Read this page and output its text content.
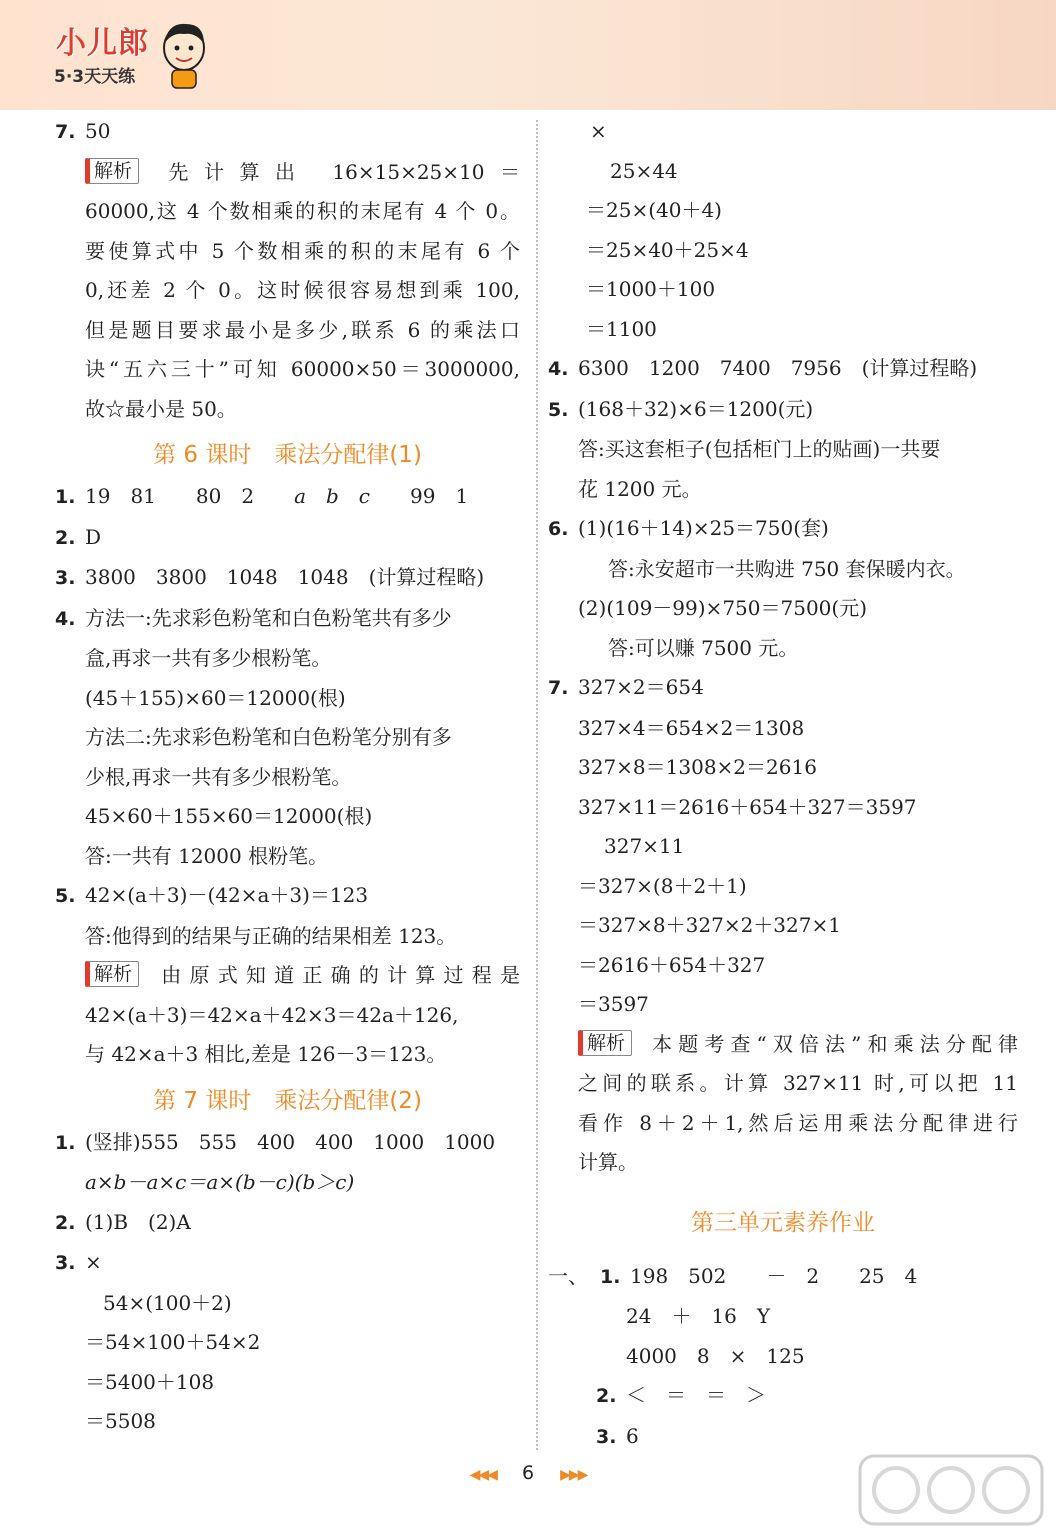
小儿郎
5·3天天练
7. 50
解析 先计算出 16×15×25×10＝
60000,这 4 个数相乘的积的末尾有 4 个 0。
要使算式中 5 个数相乘的积的末尾有 6 个
0,还差 2 个 0。这时候很容易想到乘 100,
但是题目要求最小是多少,联系 6 的乘法口
诀“五六三十”可知 60000×50＝3000000,
故☆最小是 50。
第 6 课时　乘法分配律(1)
1. 19　81　　80　2　　a　b　c　　99　1
2. D
3. 3800　3800　1048　1048　(计算过程略)
4. 方法一:先求彩色粉笔和白色粉笔共有多少
盒,再求一共有多少根粉笔。
(45＋155)×60＝12000(根)
方法二:先求彩色粉笔和白色粉笔分别有多
少根,再求一共有多少根粉笔。
45×60＋155×60＝12000(根)
答:一共有 12000 根粉笔。
5. 42×(a＋3)－(42×a＋3)＝123
答:他得到的结果与正确的结果相差 123。
解析 由原式知道正确的计算过程是
42×(a＋3)＝42×a＋42×3＝42a＋126,
与 42×a＋3 相比,差是 126－3＝123。
第 7 课时　乘法分配律(2)
1. (竖排)555　555　400　400　1000　1000
a×b－a×c＝a×(b－c)(b＞c)
2. (1)B　(2)A
3. ×
54×(100＋2)
＝54×100＋54×2
＝5400＋108
＝5508
×
25×44
＝25×(40＋4)
＝25×40＋25×4
＝1000＋100
＝1100
4. 6300　1200　7400　7956　(计算过程略)
5. (168＋32)×6＝1200(元)
答:买这套柜子(包括柜门上的贴画)一共要
花 1200 元。
6. (1)(16＋14)×25＝750(套)
答:永安超市一共购进 750 套保暖内衣。
(2)(109－99)×750＝7500(元)
答:可以赚 7500 元。
7. 327×2＝654
327×4＝654×2＝1308
327×8＝1308×2＝2616
327×11＝2616＋654＋327＝3597
327×11
＝327×(8＋2＋1)
＝327×8＋327×2＋327×1
＝2616＋654＋327
＝3597
解析 本题考查“双倍法”和乘法分配律
之间的联系。计算 327×11 时,可以把 11
看作 8＋2＋1,然后运用乘法分配律进行
计算。
第三单元素养作业
一、 1. 198　502　　－　2　　25　4
24　＋　16　Y
4000　8　×　125
2. ＜　＝　＝　＞
3. 6
◀◀◀ 6 ▶▶▶
